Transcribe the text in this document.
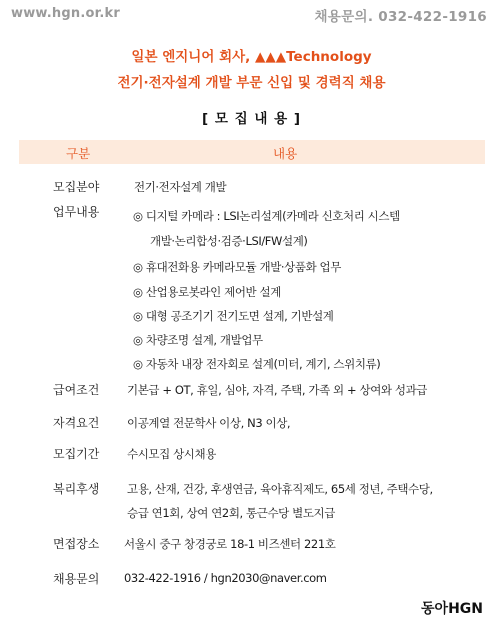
www.hgn.or.kr	채용문의. 032-422-1916
일본 엔지니어 회사, ▲▲▲Technology
전기·전자설계 개발 부문 신입 및 경력직 채용
[ 모 집 내 용 ]
구분	내용
모집분야	전기·전자설계 개발
업무내용	◎ 디지털 카메라 : LSI논리설계(카메라 신호처리 시스템
개발·논리합성·검증·LSI/FW설계)
◎ 휴대전화용 카메라모듈 개발·상품화 업무
◎ 산업용로봇라인 제어반 설계
◎ 대형 공조기기 전기도면 설계, 기반설계
◎ 차량조명 설계, 개발업무
◎ 자동차 내장 전자회로 설계(미터, 계기, 스위치류)
급여조건 기본급 + OT, 휴일, 심야, 자격, 주택, 가족 외 + 상여와 성과급
자격요건 이공계열 전문학사 이상, N3 이상,
모집기간 수시모집 상시채용
복리후생 고용, 산재, 건강, 후생연금, 육아휴직제도, 65세 정년, 주택수당,
승급 연1회, 상여 연2회, 통근수당 별도지급
면접장소 서울시 중구 창경궁로 18-1 비즈센터 221호
채용문의 032-422-1916 / hgn2030@naver.com
동아HGN
